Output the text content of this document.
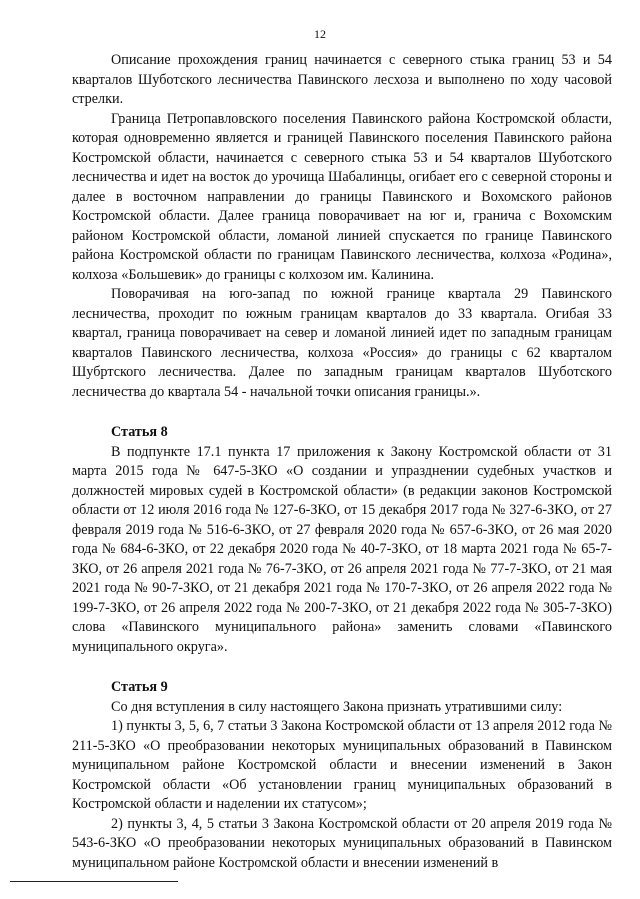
12

Описание прохождения границ начинается с северного стыка границ 53 и 54 кварталов Шуботского лесничества Павинского лесхоза и выполнено по ходу часовой стрелки.

Граница Петропавловского поселения Павинского района Костромской области, которая одновременно является и границей Павинского поселения Павинского района Костромской области, начинается с северного стыка 53 и 54 кварталов Шуботского лесничества и идет на восток до урочища Шабалинцы, огибает его с северной стороны и далее в восточном направлении до границы Павинского и Вохомского районов Костромской области. Далее граница поворачивает на юг и, гранича с Вохомским районом Костромской области, ломаной линией спускается по границе Павинского района Костромской области по границам Павинского лесничества, колхоза «Родина», колхоза «Большевик» до границы с колхозом им. Калинина.

Поворачивая на юго-запад по южной границе квартала 29 Павинского лесничества, проходит по южным границам кварталов до 33 квартала. Огибая 33 квартал, граница поворачивает на север и ломаной линией идет по западным границам кварталов Павинского лесничества, колхоза «Россия» до границы с 62 кварталом Шубртского лесничества. Далее по западным границам кварталов Шуботского лесничества до квартала 54 - начальной точки описания границы.».

Статья 8

В подпункте 17.1 пункта 17 приложения к Закону Костромской области от 31 марта 2015 года № 647-5-ЗКО «О создании и упразднении судебных участков и должностей мировых судей в Костромской области» (в редакции законов Костромской области от 12 июля 2016 года № 127-6-ЗКО, от 15 декабря 2017 года № 327-6-ЗКО, от 27 февраля 2019 года № 516-6-ЗКО, от 27 февраля 2020 года № 657-6-ЗКО, от 26 мая 2020 года № 684-6-ЗКО, от 22 декабря 2020 года № 40-7-ЗКО, от 18 марта 2021 года № 65-7-ЗКО, от 26 апреля 2021 года № 76-7-ЗКО, от 26 апреля 2021 года № 77-7-ЗКО, от 21 мая 2021 года № 90-7-ЗКО, от 21 декабря 2021 года № 170-7-ЗКО, от 26 апреля 2022 года № 199-7-ЗКО, от 26 апреля 2022 года № 200-7-ЗКО, от 21 декабря 2022 года № 305-7-ЗКО) слова «Павинского муниципального района» заменить словами «Павинского муниципального округа».

Статья 9

Со дня вступления в силу настоящего Закона признать утратившими силу:

1) пункты 3, 5, 6, 7 статьи 3 Закона Костромской области от 13 апреля 2012 года № 211-5-ЗКО «О преобразовании некоторых муниципальных образований в Павинском муниципальном районе Костромской области и внесении изменений в Закон Костромской области «Об установлении границ муниципальных образований в Костромской области и наделении их статусом»;

2) пункты 3, 4, 5 статьи 3 Закона Костромской области от 20 апреля 2019 года № 543-6-ЗКО «О преобразовании некоторых муниципальных образований в Павинском муниципальном районе Костромской области и внесении изменений в
